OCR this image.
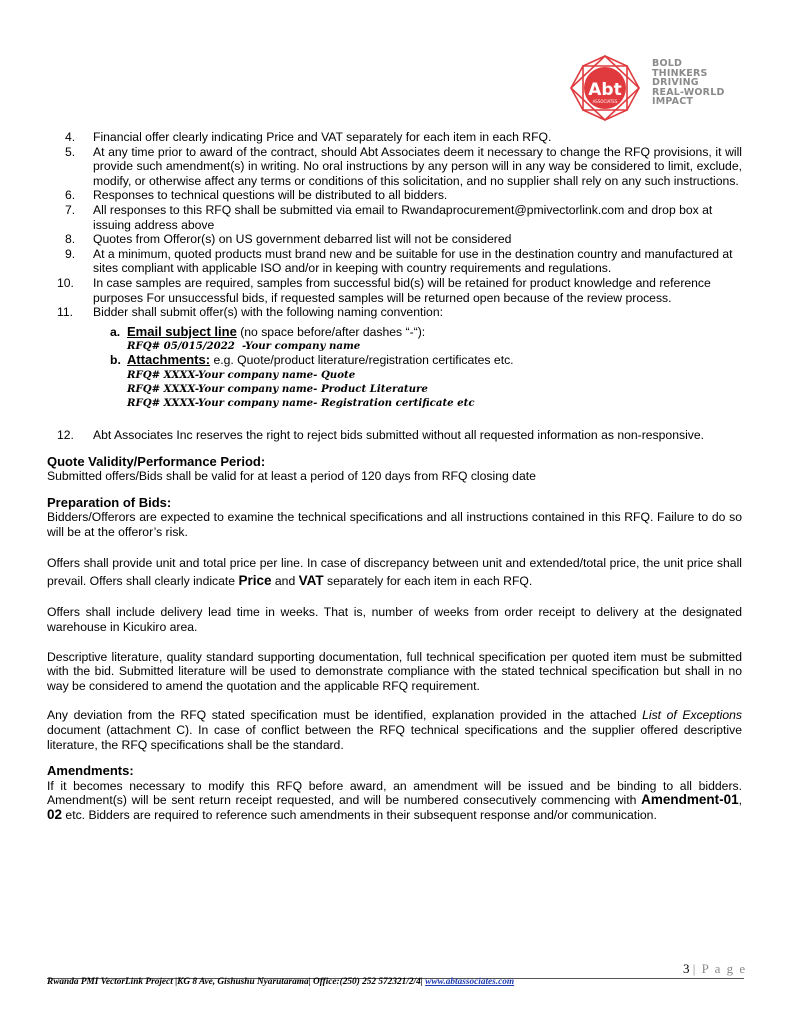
Abt
ASSOCIATES
BOLD
THINKERS
DRIVING
REAL-WORLD
IMPACT
4. Financial offer clearly indicating Price and VAT separately for each item in each RFQ.
5. At any time prior to award of the contract, should Abt Associates deem it necessary to change the RFQ provisions, it will provide such amendment(s) in writing. No oral instructions by any person will in any way be considered to limit, exclude, modify, or otherwise affect any terms or conditions of this solicitation, and no supplier shall rely on any such instructions.
6. Responses to technical questions will be distributed to all bidders.
7. All responses to this RFQ shall be submitted via email to Rwandaprocurement@pmivectorlink.com and drop box at issuing address above
8. Quotes from Offeror(s) on US government debarred list will not be considered
9. At a minimum, quoted products must brand new and be suitable for use in the destination country and manufactured at sites compliant with applicable ISO and/or in keeping with country requirements and regulations.
10. In case samples are required, samples from successful bid(s) will be retained for product knowledge and reference purposes For unsuccessful bids, if requested samples will be returned open because of the review process.
11. Bidder shall submit offer(s) with the following naming convention:
a. Email subject line (no space before/after dashes “-“):
RFQ# 05/015/2022  -Your company name
b. Attachments: e.g. Quote/product literature/registration certificates etc.
RFQ# XXXX-Your company name- Quote
RFQ# XXXX-Your company name- Product Literature
RFQ# XXXX-Your company name- Registration certificate etc
12. Abt Associates Inc reserves the right to reject bids submitted without all requested information as non-responsive.

Quote Validity/Performance Period:

Submitted offers/Bids shall be valid for at least a period of 120 days from RFQ closing date

Preparation of Bids:

Bidders/Offerors are expected to examine the technical specifications and all instructions contained in this RFQ. Failure to do so will be at the offeror’s risk.

Offers shall provide unit and total price per line. In case of discrepancy between unit and extended/total price, the unit price shall prevail. Offers shall clearly indicate Price and VAT separately for each item in each RFQ.

Offers shall include delivery lead time in weeks. That is, number of weeks from order receipt to delivery at the designated warehouse in Kicukiro area.

Descriptive literature, quality standard supporting documentation, full technical specification per quoted item must be submitted with the bid. Submitted literature will be used to demonstrate compliance with the stated technical specification but shall in no way be considered to amend the quotation and the applicable RFQ requirement.

Any deviation from the RFQ stated specification must be identified, explanation provided in the attached List of Exceptions document (attachment C). In case of conflict between the RFQ technical specifications and the supplier offered descriptive literature, the RFQ specifications shall be the standard.

Amendments:

If it becomes necessary to modify this RFQ before award, an amendment will be issued and be binding to all bidders. Amendment(s) will be sent return receipt requested, and will be numbered consecutively commencing with Amendment-01, 02 etc. Bidders are required to reference such amendments in their subsequent response and/or communication.

3 | P a g e
Rwanda PMI VectorLink Project |KG 8 Ave, Gishushu Nyarutarama| Office:(250) 252 572321/2/4| www.abtassociates.com
